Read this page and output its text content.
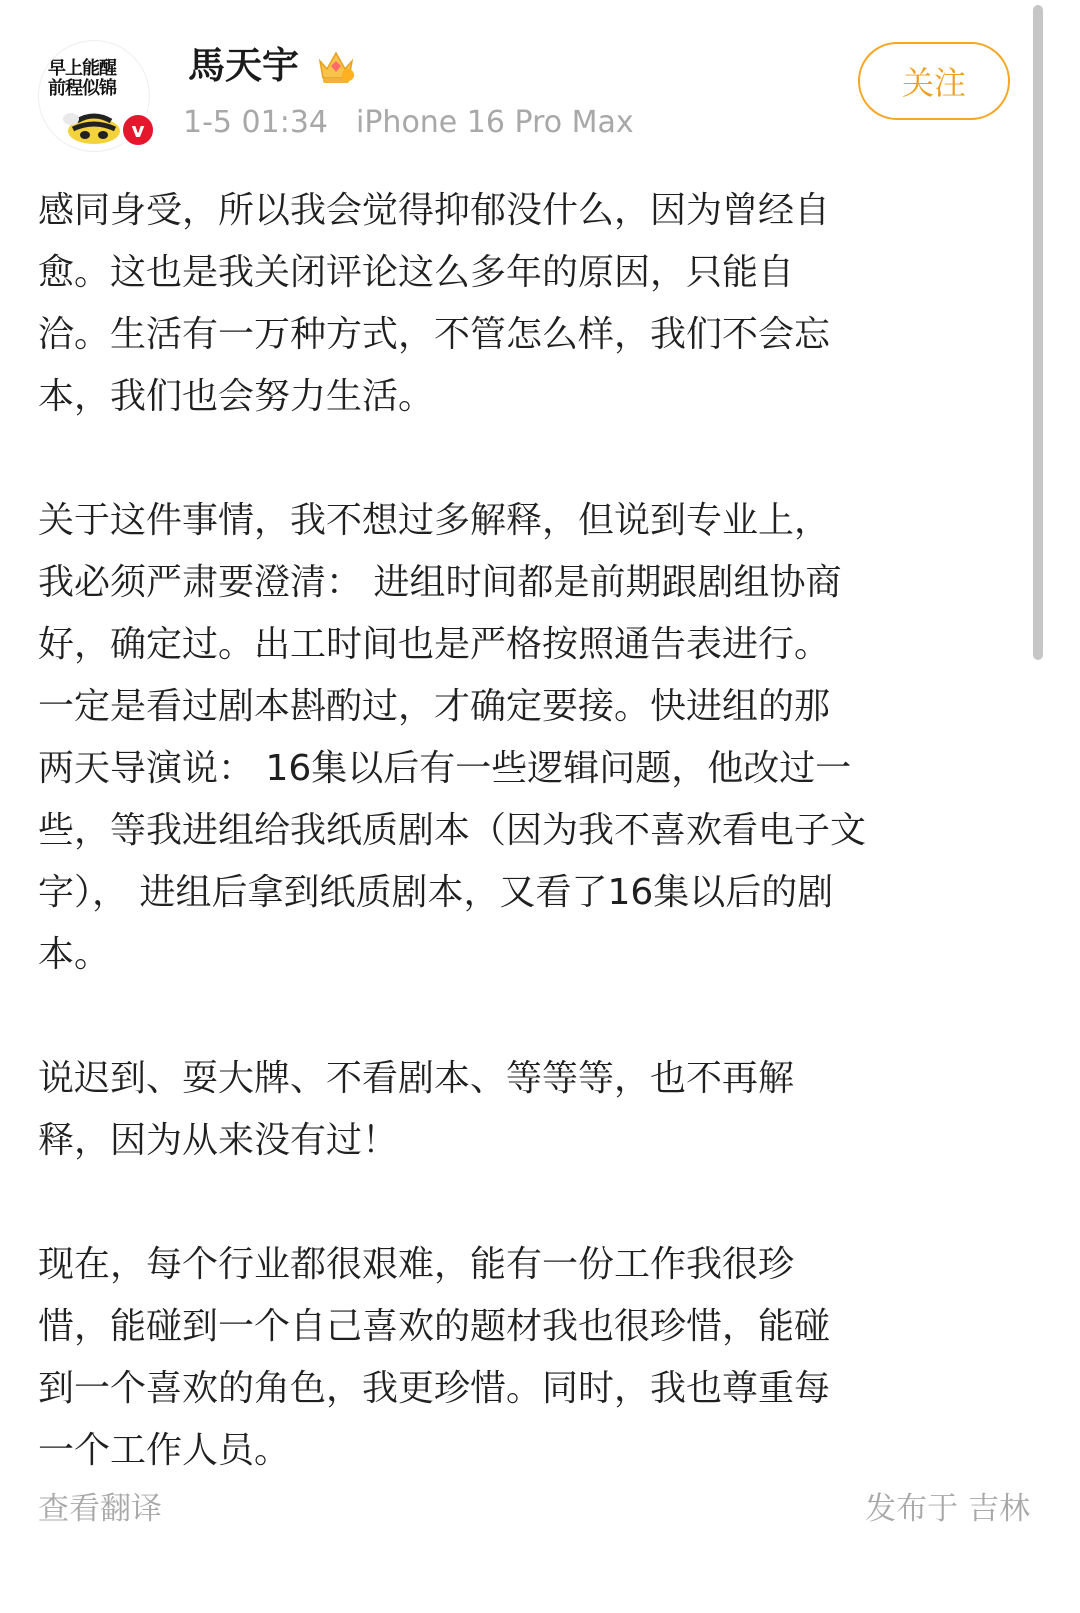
早上能醒
前程似锦
v
馬天宇
1-5 01:34 iPhone 16 Pro Max
关注

感同身受，所以我会觉得抑郁没什么，因为曾经自
愈。这也是我关闭评论这么多年的原因，只能自
洽。生活有一万种方式，不管怎么样，我们不会忘
本，我们也会努力生活。

关于这件事情，我不想过多解释，但说到专业上，
我必须严肃要澄清： 进组时间都是前期跟剧组协商
好，确定过。出工时间也是严格按照通告表进行。
一定是看过剧本斟酌过，才确定要接。快进组的那
两天导演说： 16集以后有一些逻辑问题，他改过一
些，等我进组给我纸质剧本（因为我不喜欢看电子文
字）， 进组后拿到纸质剧本，又看了16集以后的剧
本。

说迟到、耍大牌、不看剧本、等等等，也不再解
释，因为从来没有过！

现在，每个行业都很艰难，能有一份工作我很珍
惜，能碰到一个自己喜欢的题材我也很珍惜，能碰
到一个喜欢的角色，我更珍惜。同时，我也尊重每
一个工作人员。

查看翻译	发布于 吉林
